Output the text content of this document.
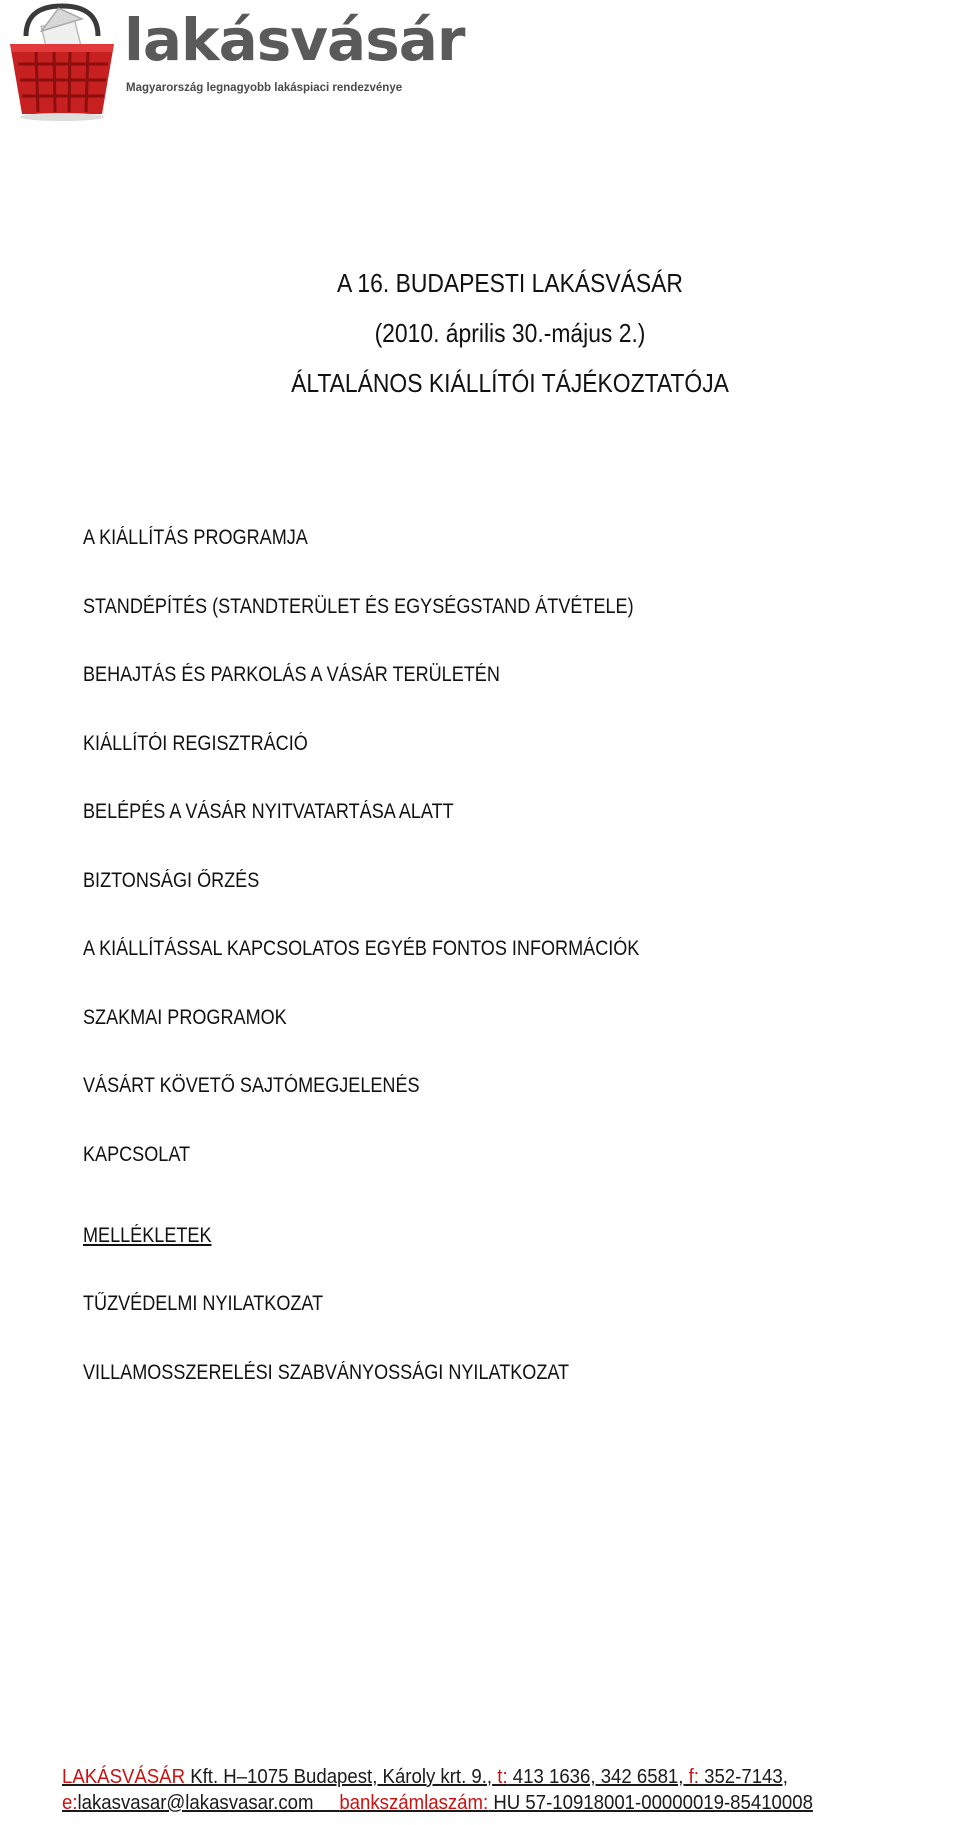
lakásvásár
Magyarország legnagyobb lakáspiaci rendezvénye
A 16. BUDAPESTI LAKÁSVÁSÁR
(2010. április 30.-május 2.)
ÁLTALÁNOS KIÁLLÍTÓI TÁJÉKOZTATÓJA
A KIÁLLÍTÁS PROGRAMJA
STANDÉPÍTÉS (STANDTERÜLET ÉS EGYSÉGSTAND ÁTVÉTELE)
BEHAJTÁS ÉS PARKOLÁS A VÁSÁR TERÜLETÉN
KIÁLLÍTÓI REGISZTRÁCIÓ
BELÉPÉS A VÁSÁR NYITVATARTÁSA ALATT
BIZTONSÁGI ŐRZÉS
A KIÁLLÍTÁSSAL KAPCSOLATOS EGYÉB FONTOS INFORMÁCIÓK
SZAKMAI PROGRAMOK
VÁSÁRT KÖVETŐ SAJTÓMEGJELENÉS
KAPCSOLAT
MELLÉKLETEK
TŰZVÉDELMI NYILATKOZAT
VILLAMOSSZERELÉSI SZABVÁNYOSSÁGI NYILATKOZAT
LAKÁSVÁSÁR Kft. H–1075 Budapest, Károly krt. 9., t: 413 1636, 342 6581, f: 352-7143,
e:lakasvasar@lakasvasar.com     bankszámlaszám: HU 57-10918001-00000019-85410008
